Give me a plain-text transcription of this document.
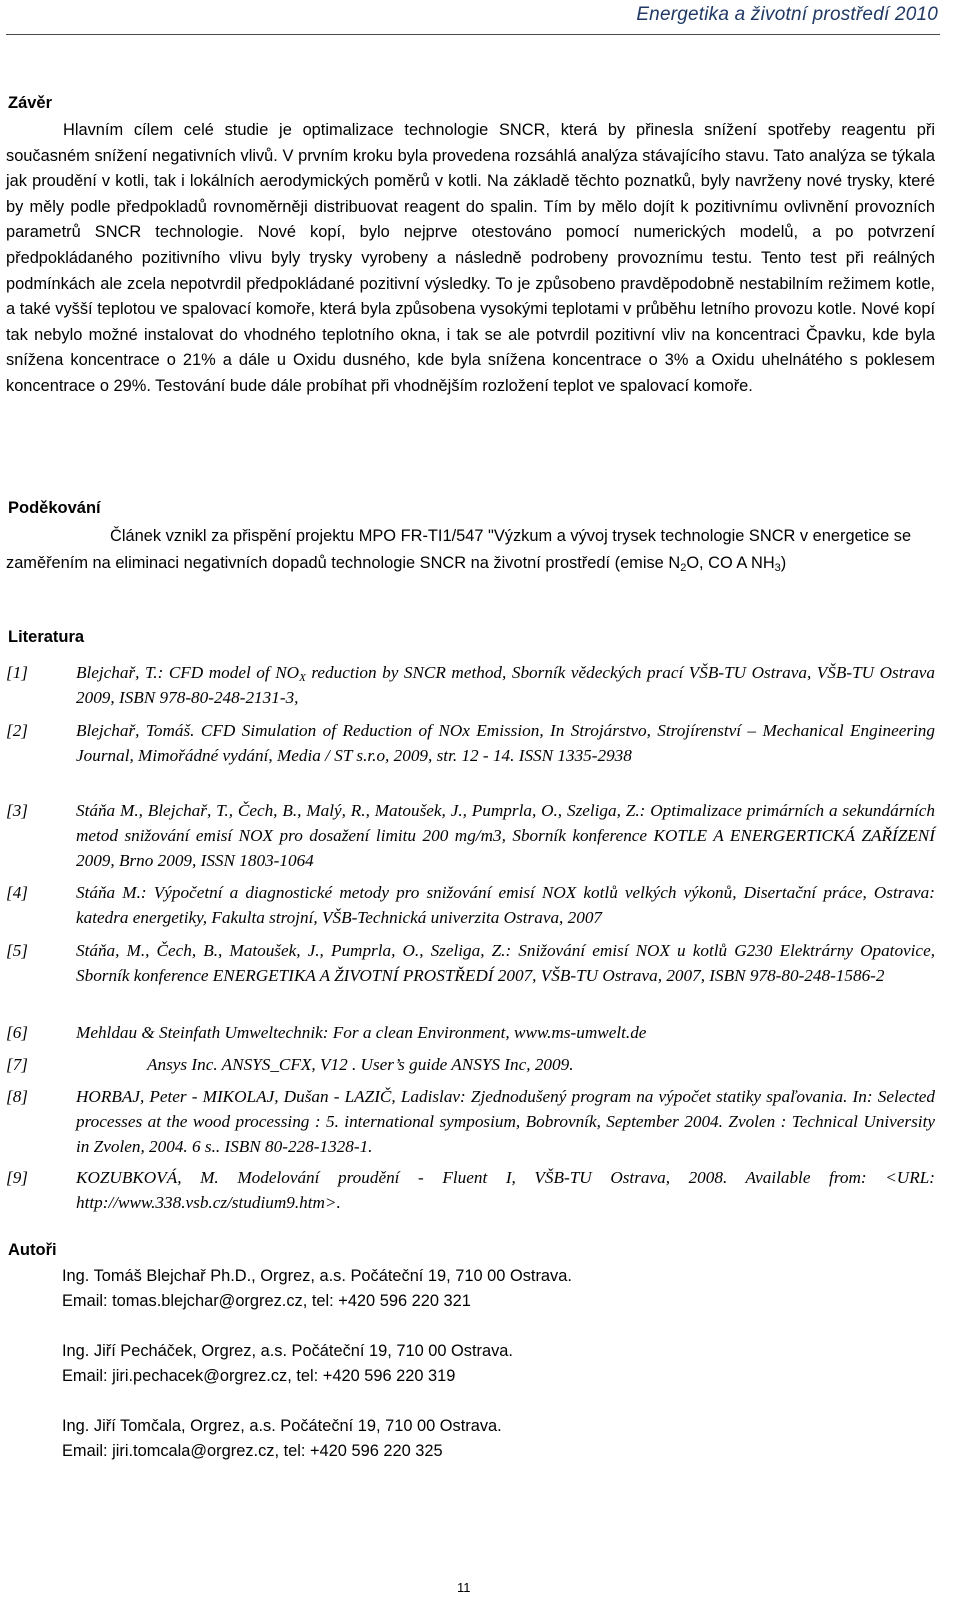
Energetika a životní prostředí 2010
Závěr

Hlavním cílem celé studie je optimalizace technologie SNCR, která by přinesla snížení spotřeby reagentu při současném snížení negativních vlivů. V prvním kroku byla provedena rozsáhlá analýza stávajícího stavu. Tato analýza se týkala jak proudění v kotli, tak i lokálních aerodymických poměrů v kotli. Na základě těchto poznatků, byly navrženy nové trysky, které by měly podle předpokladů rovnoměrněji distribuovat reagent do spalin. Tím by mělo dojít k pozitivnímu ovlivnění provozních parametrů SNCR technologie. Nové kopí, bylo nejprve otestováno pomocí numerických modelů, a po potvrzení předpokládaného pozitivního vlivu byly trysky vyrobeny a následně podrobeny provoznímu testu. Tento test při reálných podmínkách ale zcela nepotvrdil předpokládané pozitivní výsledky. To je způsobeno pravděpodobně nestabilním režimem kotle, a také vyšší teplotou ve spalovací komoře, která byla způsobena vysokými teplotami v průběhu letního provozu kotle. Nové kopí tak nebylo možné instalovat do vhodného teplotního okna, i tak se ale potvrdil pozitivní vliv na koncentraci Čpavku, kde byla snížena koncentrace o 21% a dále u Oxidu dusného, kde byla snížena koncentrace o 3% a Oxidu uhelnátého s poklesem koncentrace o 29%. Testování bude dále probíhat při vhodnějším rozložení teplot ve spalovací komoře.

Poděkování

Článek vznikl za přispění projektu MPO FR-TI1/547 "Výzkum a vývoj trysek technologie SNCR v energetice se zaměřením na eliminaci negativních dopadů technologie SNCR na životní prostředí (emise $N_2O$, CO A $NH_3$)

Literatura
[1]	Blejchař, T.: CFD model of $NO_X$ reduction by SNCR method, Sborník vědeckých prací VŠB-TU Ostrava, VŠB-TU Ostrava 2009, ISBN 978-80-248-2131-3,
[2]	Blejchař, Tomáš. CFD Simulation of Reduction of NOx Emission, In Strojárstvo, Strojírenství – Mechanical Engineering Journal, Mimořádné vydání, Media / ST s.r.o, 2009, str. 12 - 14. ISSN 1335-2938
[3]	Stáňa M., Blejchař, T., Čech, B., Malý, R., Matoušek, J., Pumprla, O., Szeliga, Z.: Optimalizace primárních a sekundárních metod snižování emisí NOX pro dosažení limitu 200 mg/m3, Sborník konference KOTLE A ENERGERTICKÁ ZAŘÍZENÍ 2009, Brno 2009, ISSN 1803-1064
[4]	Stáňa M.: Výpočetní a diagnostické metody pro snižování emisí NOX kotlů velkých výkonů, Disertační práce, Ostrava: katedra energetiky, Fakulta strojní, VŠB-Technická univerzita Ostrava, 2007
[5]	Stáňa, M., Čech, B., Matoušek, J., Pumprla, O., Szeliga, Z.: Snižování emisí NOX u kotlů G230 Elektrárny Opatovice, Sborník konference ENERGETIKA A ŽIVOTNÍ PROSTŘEDÍ 2007, VŠB-TU Ostrava, 2007, ISBN 978-80-248-1586-2
[6]	Mehldau & Steinfath Umweltechnik: For a clean Environment, www.ms-umwelt.de
[7]	Ansys Inc. ANSYS_CFX, V12 . User’s guide ANSYS Inc, 2009.
[8]	HORBAJ, Peter - MIKOLAJ, Dušan - LAZIČ, Ladislav: Zjednodušený program na výpočet statiky spaľovania. In: Selected processes at the wood processing : 5. international symposium, Bobrovník, September 2004. Zvolen : Technical University in Zvolen, 2004. 6 s.. ISBN 80-228-1328-1.
[9]	KOZUBKOVÁ, M. Modelování proudění - Fluent I, VŠB-TU Ostrava, 2008. Available from: <URL: http://www.338.vsb.cz/studium9.htm>.
Autoři
Ing. Tomáš Blejchař Ph.D., Orgrez, a.s. Počáteční 19, 710 00 Ostrava.
Email: tomas.blejchar@orgrez.cz, tel: +420 596 220 321
Ing. Jiří Pecháček, Orgrez, a.s. Počáteční 19, 710 00 Ostrava.
Email: jiri.pechacek@orgrez.cz, tel: +420 596 220 319
Ing. Jiří Tomčala, Orgrez, a.s. Počáteční 19, 710 00 Ostrava.
Email: jiri.tomcala@orgrez.cz, tel: +420 596 220 325
11
